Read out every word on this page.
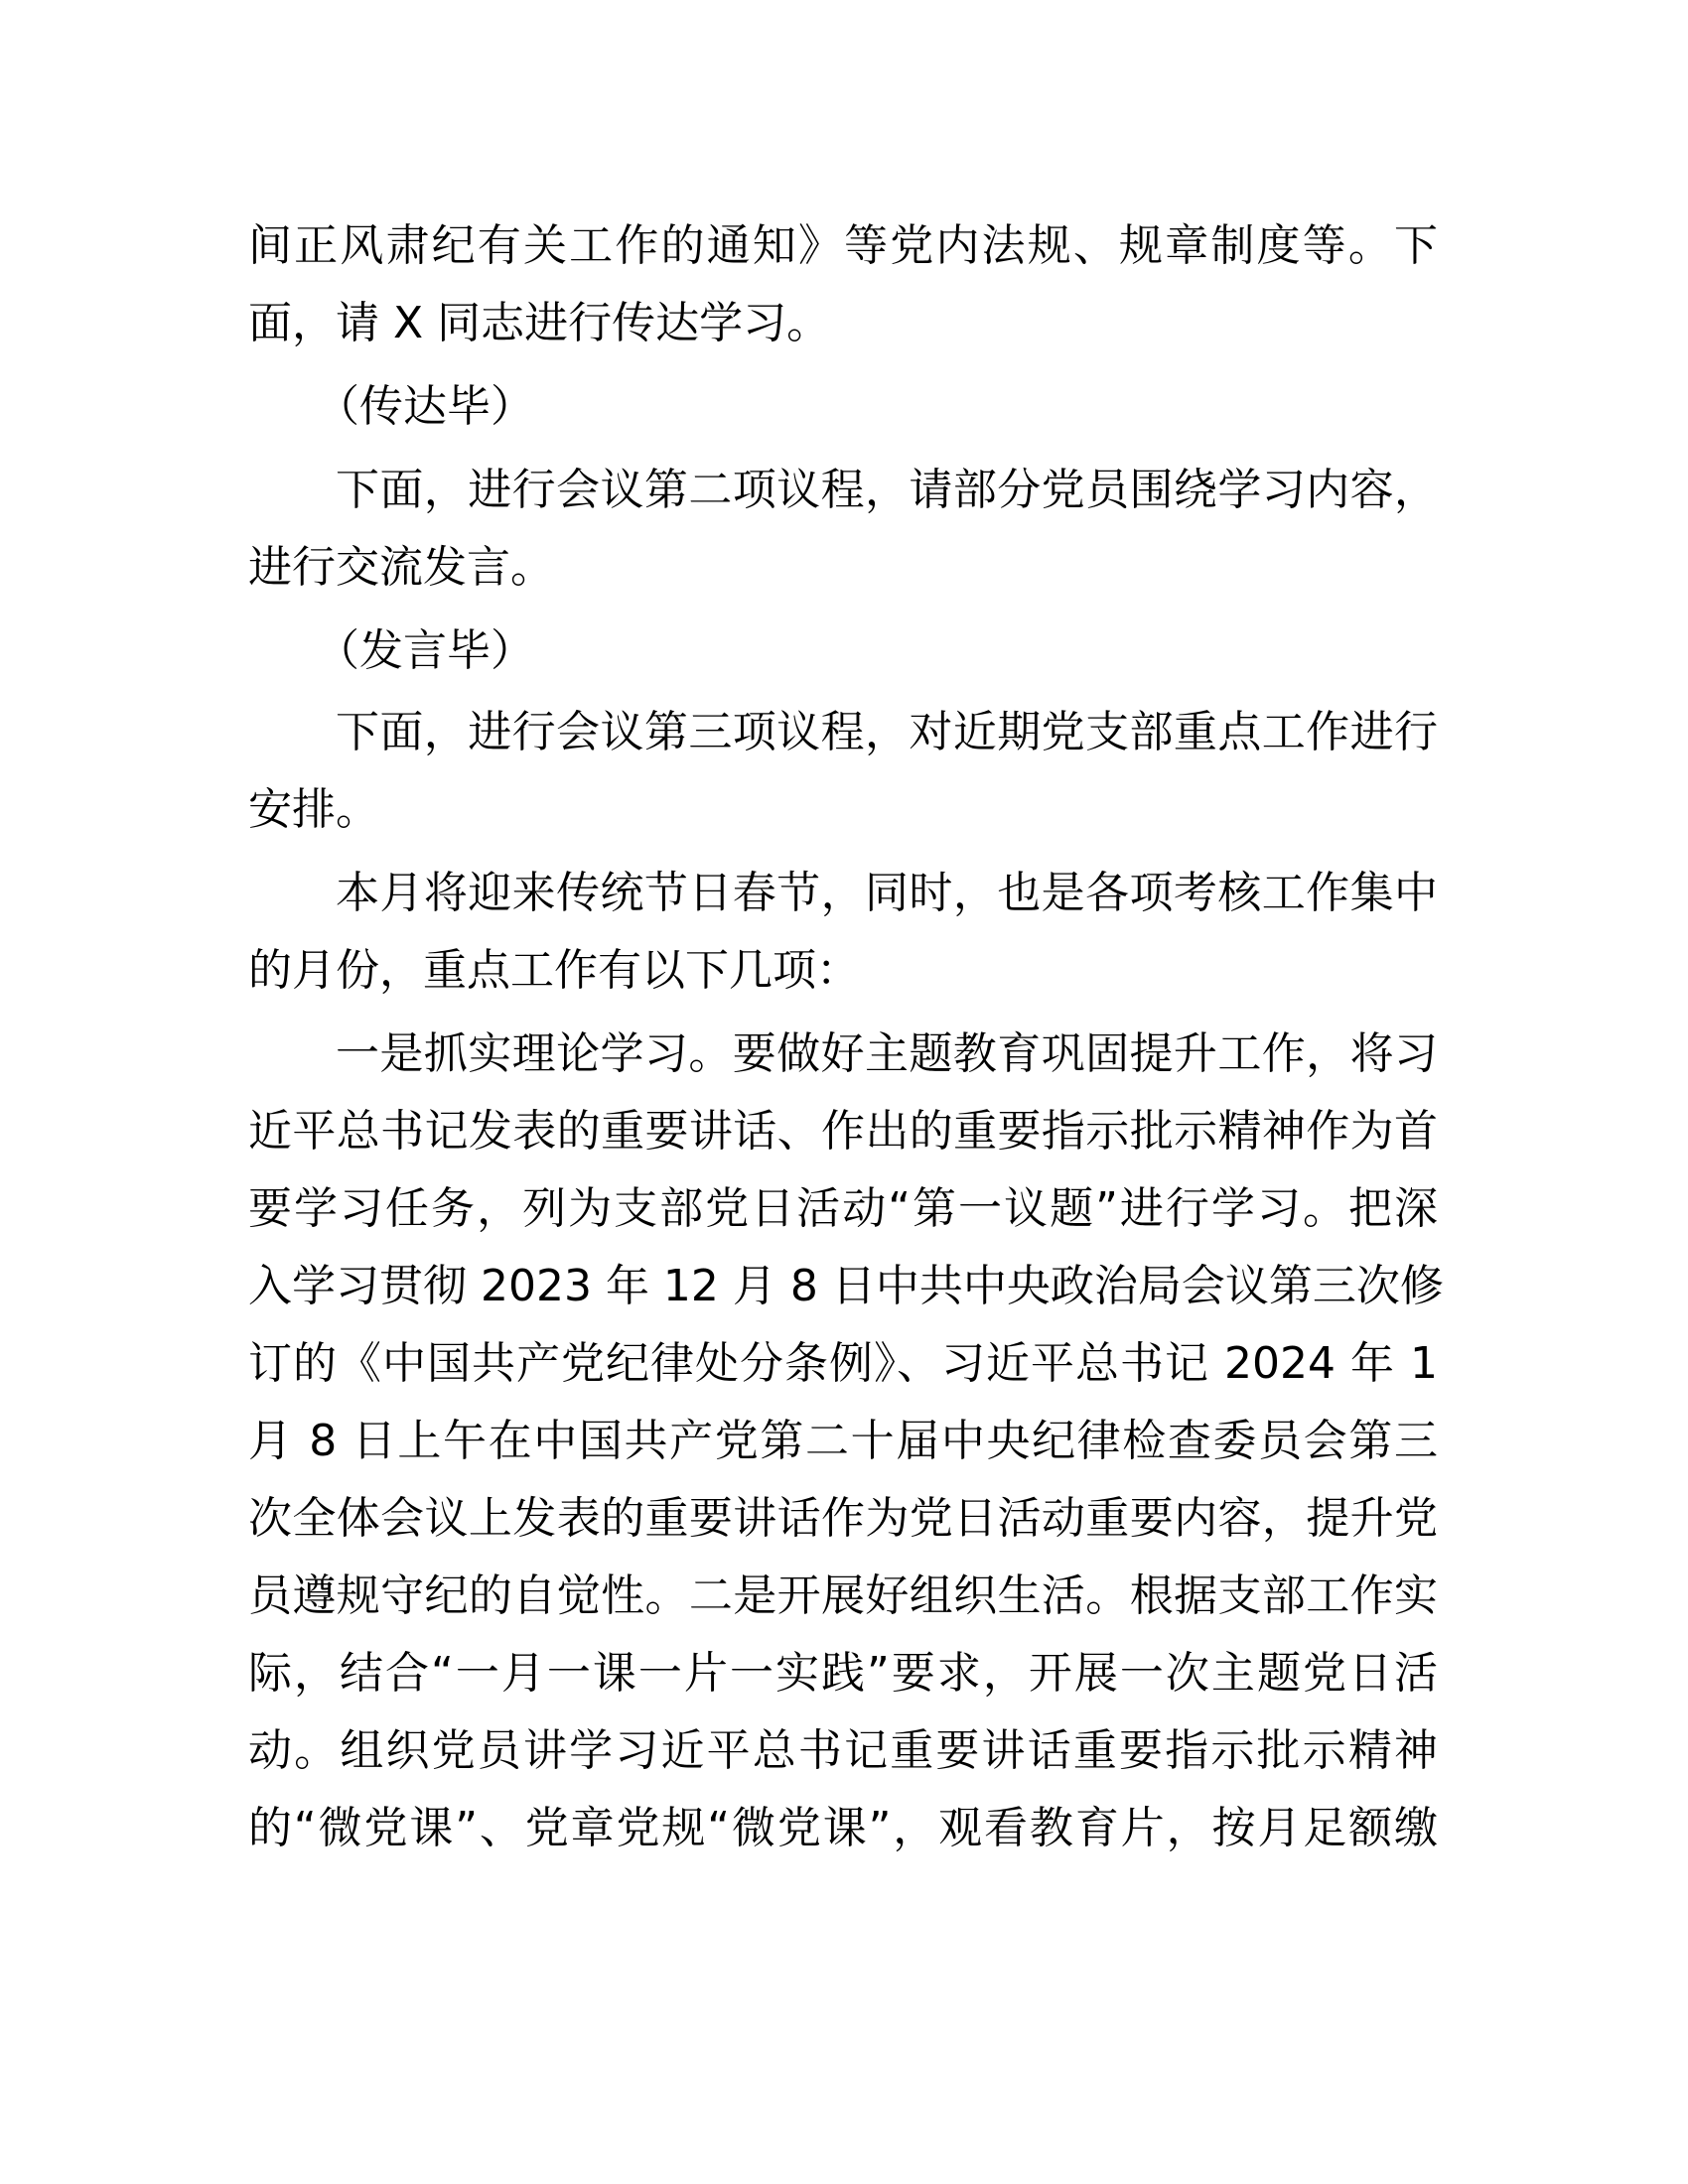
间正风肃纪有关工作的通知》等党内法规、规章制度等。下
面，请 X 同志进行传达学习。
（传达毕）
下面，进行会议第二项议程，请部分党员围绕学习内容，
进行交流发言。
（发言毕）
下面，进行会议第三项议程，对近期党支部重点工作进行
安排。
本月将迎来传统节日春节，同时，也是各项考核工作集中
的月份，重点工作有以下几项：
一是抓实理论学习。要做好主题教育巩固提升工作，将习
近平总书记发表的重要讲话、作出的重要指示批示精神作为首
要学习任务，列为支部党日活动“第一议题”进行学习。把深
入学习贯彻 2023 年 12 月 8 日中共中央政治局会议第三次修
订的《中国共产党纪律处分条例》、习近平总书记 2024 年 1
月 8 日上午在中国共产党第二十届中央纪律检查委员会第三
次全体会议上发表的重要讲话作为党日活动重要内容，提升党
员遵规守纪的自觉性。二是开展好组织生活。根据支部工作实
际，结合“一月一课一片一实践”要求，开展一次主题党日活
动。组织党员讲学习近平总书记重要讲话重要指示批示精神
的“微党课”、党章党规“微党课”，观看教育片，按月足额缴
